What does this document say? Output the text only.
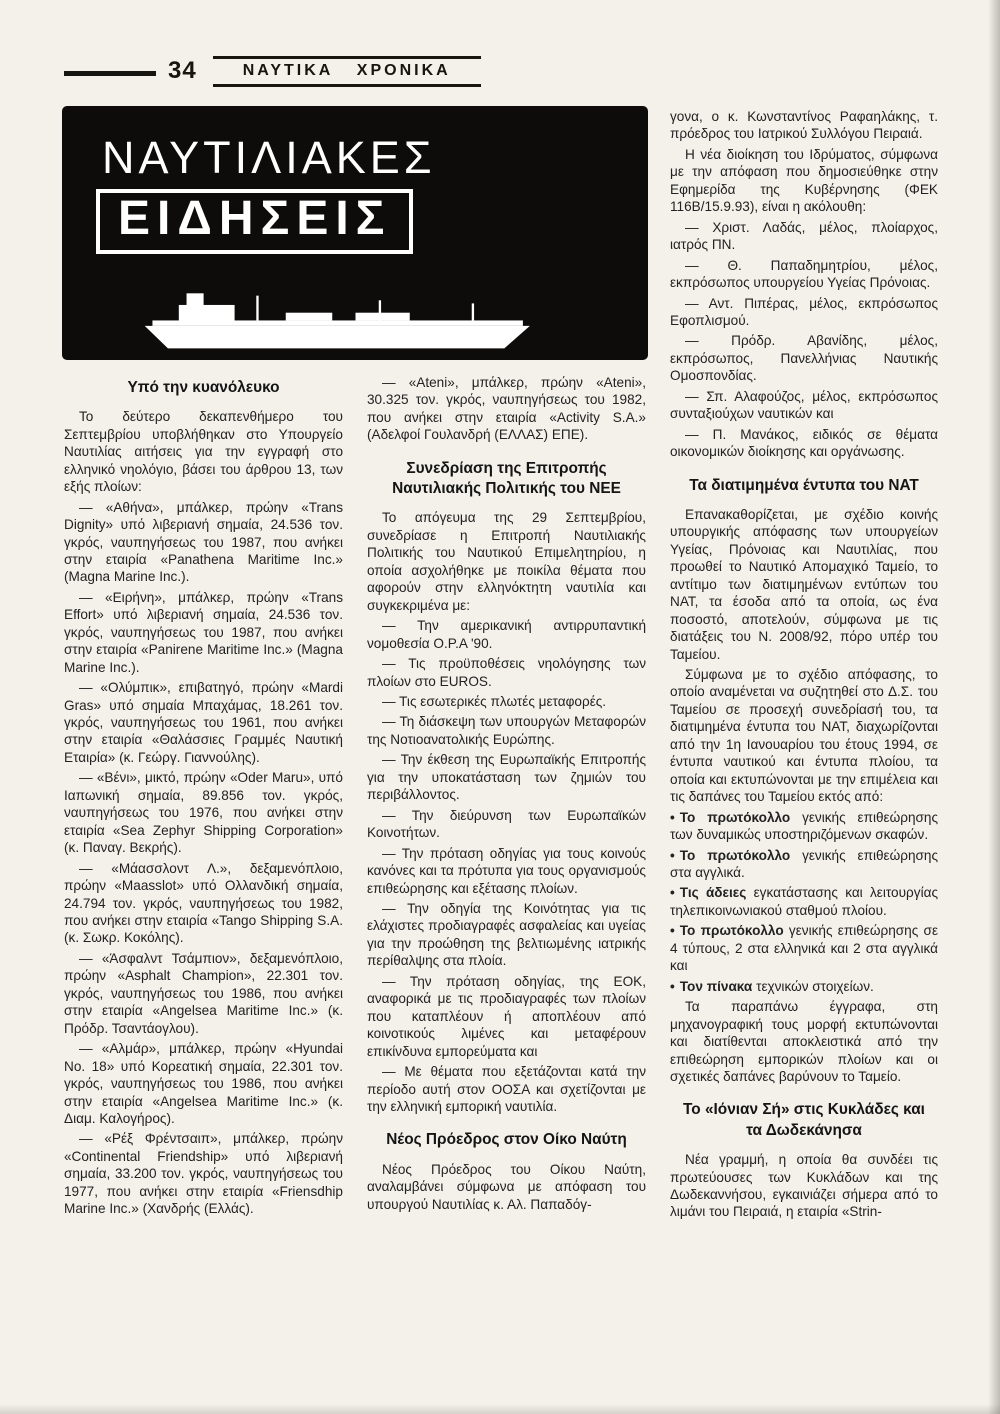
34	ΝΑΥΤΙΚΑ ΧΡΟΝΙΚΑ
ΝΑΥΤΙΛΙΑΚΕΣ
ΕΙΔΗΣΕΙΣ
Υπό την κυανόλευκο

Το δεύτερο δεκαπενθήμερο του Σεπτεμβρίου υποβλήθηκαν στο Υπουργείο Ναυτιλίας αιτήσεις για την εγγραφή στο ελληνικό νηολόγιο, βάσει του άρθρου 13, των εξής πλοίων:

— «Αθήνα», μπάλκερ, πρώην «Trans Dignity» υπό λιβεριανή σημαία, 24.536 τον. γκρός, ναυπηγήσεως του 1987, που ανήκει στην εταιρία «Panathena Maritime Inc.» (Magna Marine Inc.).

— «Ειρήνη», μπάλκερ, πρώην «Trans Effort» υπό λιβεριανή σημαία, 24.536 τον. γκρός, ναυπηγήσεως του 1987, που ανήκει στην εταιρία «Panirene Maritime Inc.» (Magna Marine Inc.).

— «Ολύμπικ», επιβατηγό, πρώην «Mardi Gras» υπό σημαία Μπαχάμας, 18.261 τον. γκρός, ναυπηγήσεως του 1961, που ανήκει στην εταιρία «Θαλάσσιες Γραμμές Ναυτική Εταιρία» (κ. Γεώργ. Γιαννούλης).

— «Βένι», μικτό, πρώην «Oder Maru», υπό Ιαπωνική σημαία, 89.856 τον. γκρός, ναυπηγήσεως του 1976, που ανήκει στην εταιρία «Sea Zephyr Shipping Corporation» (κ. Παναγ. Βεκρής).

— «Μάασσλοντ Λ.», δεξαμενόπλοιο, πρώην «Maasslot» υπό Ολλανδική σημαία, 24.794 τον. γκρός, ναυπηγήσεως του 1982, που ανήκει στην εταιρία «Tango Shipping S.A. (κ. Σωκρ. Κοκόλης).

— «Άσφαλντ Τσάμπιον», δεξαμενόπλοιο, πρώην «Asphalt Champion», 22.301 τον. γκρός, ναυπηγήσεως του 1986, που ανήκει στην εταιρία «Angelsea Maritime Inc.» (κ. Πρόδρ. Τσαντάογλου).

— «Αλμάρ», μπάλκερ, πρώην «Hyundai No. 18» υπό Κορεατική σημαία, 22.301 τον. γκρός, ναυπηγήσεως του 1986, που ανήκει στην εταιρία «Angelsea Maritime Inc.» (κ. Διαμ. Καλογήρος).

— «Ρέξ Φρέντσαιπ», μπάλκερ, πρώην «Continental Friendship» υπό λιβεριανή σημαία, 33.200 τον. γκρός, ναυπηγήσεως του 1977, που ανήκει στην εταιρία «Friensdhip Marine Inc.» (Χανδρής (Ελλάς).

— «Ateni», μπάλκερ, πρώην «Ateni», 30.325 τον. γκρός, ναυπηγήσεως του 1982, που ανήκει στην εταιρία «Activity S.A.» (Αδελφοί Γουλανδρή (ΕΛΛΑΣ) ΕΠΕ).

Συνεδρίαση της Επιτροπής Ναυτιλιακής Πολιτικής του ΝΕΕ

Το απόγευμα της 29 Σεπτεμβρίου, συνεδρίασε η Επιτροπή Ναυτιλιακής Πολιτικής του Ναυτικού Επιμελητηρίου, η οποία ασχολήθηκε με ποικίλα θέματα που αφορούν στην ελληνόκτητη ναυτιλία και συγκεκριμένα με:

— Την αμερικανική αντιρρυπαντική νομοθεσία O.P.A '90.

— Τις προϋποθέσεις νηολόγησης των πλοίων στο EUROS.

— Τις εσωτερικές πλωτές μεταφορές.

— Τη διάσκεψη των υπουργών Μεταφορών της Νοτιοανατολικής Ευρώπης.

— Την έκθεση της Ευρωπαϊκής Επιτροπής για την υποκατάσταση των ζημιών του περιβάλλοντος.

— Την διεύρυνση των Ευρωπαϊκών Κοινοτήτων.

— Την πρόταση οδηγίας για τους κοινούς κανόνες και τα πρότυπα για τους οργανισμούς επιθεώρησης και εξέτασης πλοίων.

— Την οδηγία της Κοινότητας για τις ελάχιστες προδιαγραφές ασφαλείας και υγείας για την προώθηση της βελτιωμένης ιατρικής περίθαλψης στα πλοία.

— Την πρόταση οδηγίας, της ΕΟΚ, αναφορικά με τις προδιαγραφές των πλοίων που καταπλέουν ή αποπλέουν από κοινοτικούς λιμένες και μεταφέρουν επικίνδυνα εμπορεύματα και

— Με θέματα που εξετάζονται κατά την περίοδο αυτή στον ΟΟΣΑ και σχετίζονται με την ελληνική εμπορική ναυτιλία.

Νέος Πρόεδρος στον Οίκο Ναύτη

Νέος Πρόεδρος του Οίκου Ναύτη, αναλαμβάνει σύμφωνα με απόφαση του υπουργού Ναυτιλίας κ. Αλ. Παπαδόγ-

γονα, ο κ. Κωνσταντίνος Ραφαηλάκης, τ. πρόεδρος του Ιατρικού Συλλόγου Πειραιά.

Η νέα διοίκηση του Ιδρύματος, σύμφωνα με την απόφαση που δημοσιεύθηκε στην Εφημερίδα της Κυβέρνησης (ΦΕΚ 116Β/15.9.93), είναι η ακόλουθη:

— Χριστ. Λαδάς, μέλος, πλοίαρχος, ιατρός ΠΝ.

— Θ. Παπαδημητρίου, μέλος, εκπρόσωπος υπουργείου Υγείας Πρόνοιας.

— Αντ. Πιπέρας, μέλος, εκπρόσωπος Εφοπλισμού.

— Πρόδρ. Αβανίδης, μέλος, εκπρόσωπος, Πανελλήνιας Ναυτικής Ομοσπονδίας.

— Σπ. Αλαφούζος, μέλος, εκπρόσωπος συνταξιούχων ναυτικών και

— Π. Μανάκος, ειδικός σε θέματα οικονομικών διοίκησης και οργάνωσης.

Τα διατιμημένα έντυπα του ΝΑΤ

Επανακαθορίζεται, με σχέδιο κοινής υπουργικής απόφασης των υπουργείων Υγείας, Πρόνοιας και Ναυτιλίας, που προωθεί το Ναυτικό Απομαχικό Ταμείο, το αντίτιμο των διατιμημένων εντύπων του ΝΑΤ, τα έσοδα από τα οποία, ως ένα ποσοστό, αποτελούν, σύμφωνα με τις διατάξεις του Ν. 2008/92, πόρο υπέρ του Ταμείου.

Σύμφωνα με το σχέδιο απόφασης, το οποίο αναμένεται να συζητηθεί στο Δ.Σ. του Ταμείου σε προσεχή συνεδρίασή του, τα διατιμημένα έντυπα του ΝΑΤ, διαχωρίζονται από την 1η Ιανουαρίου του έτους 1994, σε έντυπα ναυτικού και έντυπα πλοίου, τα οποία και εκτυπώνονται με την επιμέλεια και τις δαπάνες του Ταμείου εκτός από:

• Το πρωτόκολλο γενικής επιθεώρησης των δυναμικώς υποστηριζόμενων σκαφών.

• Το πρωτόκολλο γενικής επιθεώρησης στα αγγλικά.

• Τις άδειες εγκατάστασης και λειτουργίας τηλεπικοινωνιακού σταθμού πλοίου.

• Το πρωτόκολλο γενικής επιθεώρησης σε 4 τύπους, 2 στα ελληνικά και 2 στα αγγλικά και

• Τον πίνακα τεχνικών στοιχείων.

Τα παραπάνω έγγραφα, στη μηχανογραφική τους μορφή εκτυπώνονται και διατίθενται αποκλειστικά από την επιθεώρηση εμπορικών πλοίων και οι σχετικές δαπάνες βαρύνουν το Ταμείο.

Το «Ιόνιαν Σή» στις Κυκλάδες και τα Δωδεκάνησα

Νέα γραμμή, η οποία θα συνδέει τις πρωτεύουσες των Κυκλάδων και της Δωδεκαννήσου, εγκαινιάζει σήμερα από το λιμάνι του Πειραιά, η εταιρία «Strin-
